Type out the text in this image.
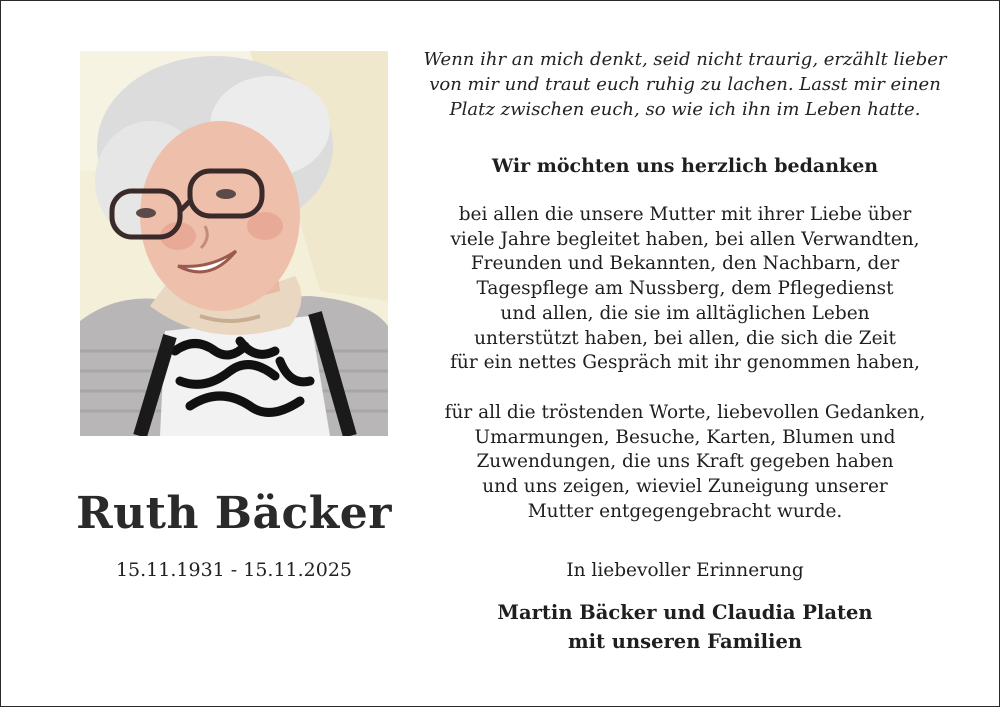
Ruth Bäcker
15.11.1931 - 15.11.2025
Wenn ihr an mich denkt, seid nicht traurig, erzählt lieber
von mir und traut euch ruhig zu lachen. Lasst mir einen
Platz zwischen euch, so wie ich ihn im Leben hatte.
Wir möchten uns herzlich bedanken
bei allen die unsere Mutter mit ihrer Liebe über
viele Jahre begleitet haben, bei allen Verwandten,
Freunden und Bekannten, den Nachbarn, der
Tagespflege am Nussberg, dem Pflegedienst
und allen, die sie im alltäglichen Leben
unterstützt haben, bei allen, die sich die Zeit
für ein nettes Gespräch mit ihr genommen haben,
für all die tröstenden Worte, liebevollen Gedanken,
Umarmungen, Besuche, Karten, Blumen und
Zuwendungen, die uns Kraft gegeben haben
und uns zeigen, wieviel Zuneigung unserer
Mutter entgegengebracht wurde.
In liebevoller Erinnerung
Martin Bäcker und Claudia Platen
mit unseren Familien
